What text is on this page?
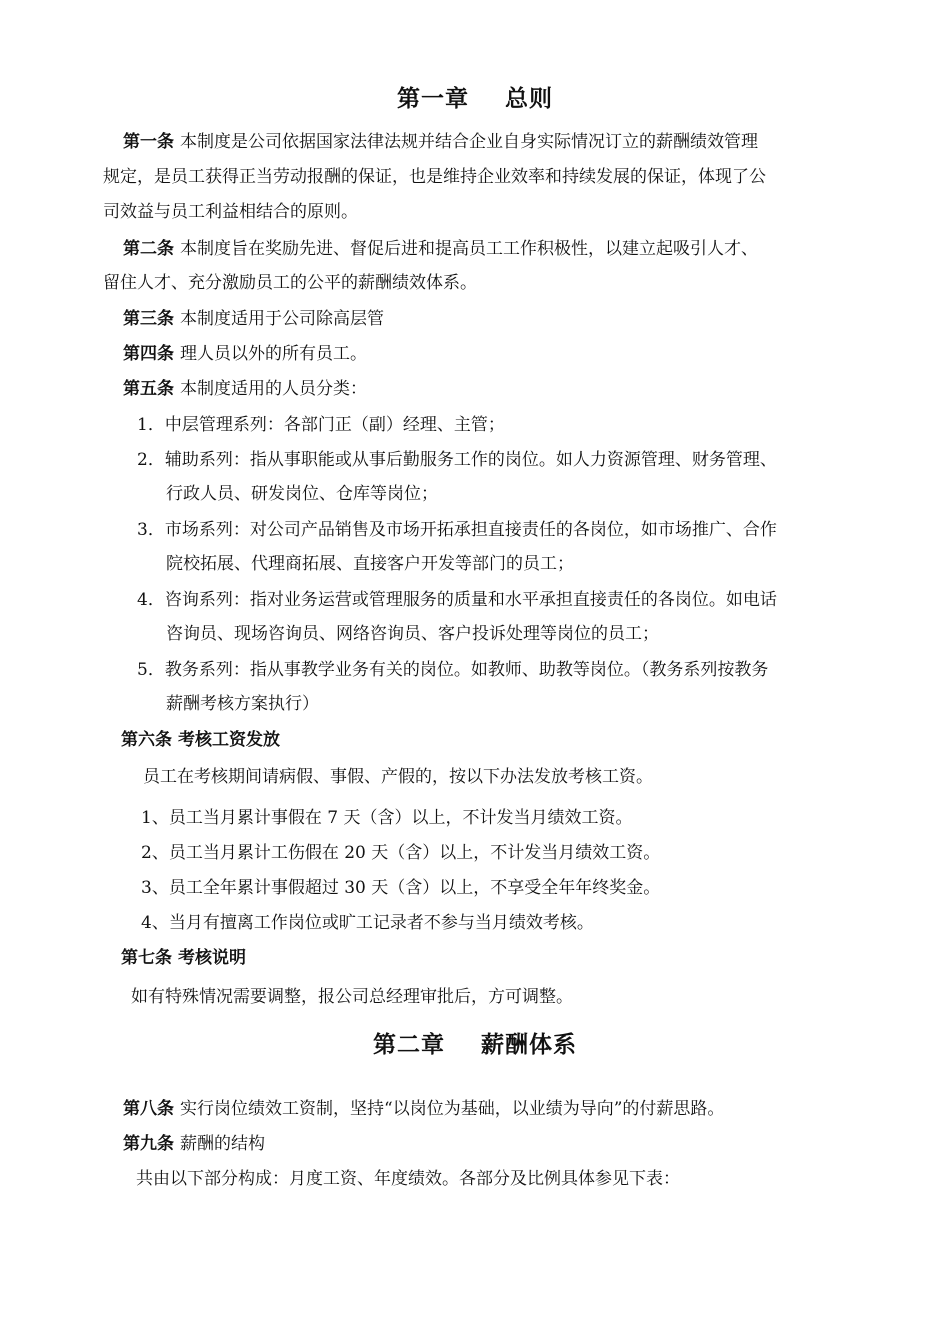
第一章    总则
第一条 本制度是公司依据国家法律法规并结合企业自身实际情况订立的薪酬绩效管理
规定，是员工获得正当劳动报酬的保证，也是维持企业效率和持续发展的保证，体现了公
司效益与员工利益相结合的原则。
第二条 本制度旨在奖励先进、督促后进和提高员工工作积极性，以建立起吸引人才、
留住人才、充分激励员工的公平的薪酬绩效体系。
第三条 本制度适用于公司除高层管
第四条 理人员以外的所有员工。
第五条 本制度适用的人员分类：
1．中层管理系列：各部门正（副）经理、主管；
2．辅助系列：指从事职能或从事后勤服务工作的岗位。如人力资源管理、财务管理、
行政人员、研发岗位、仓库等岗位；
3．市场系列：对公司产品销售及市场开拓承担直接责任的各岗位，如市场推广、合作
院校拓展、代理商拓展、直接客户开发等部门的员工；
4．咨询系列：指对业务运营或管理服务的质量和水平承担直接责任的各岗位。如电话
咨询员、现场咨询员、网络咨询员、客户投诉处理等岗位的员工；
5．教务系列：指从事教学业务有关的岗位。如教师、助教等岗位。（教务系列按教务
薪酬考核方案执行）
第六条 考核工资发放
员工在考核期间请病假、事假、产假的，按以下办法发放考核工资。
1、员工当月累计事假在 7 天（含）以上，不计发当月绩效工资。
2、员工当月累计工伤假在 20 天（含）以上，不计发当月绩效工资。
3、员工全年累计事假超过 30 天（含）以上，不享受全年年终奖金。
4、当月有擅离工作岗位或旷工记录者不参与当月绩效考核。
第七条 考核说明
如有特殊情况需要调整，报公司总经理审批后，方可调整。
第二章    薪酬体系
第八条 实行岗位绩效工资制，坚持“以岗位为基础，以业绩为导向”的付薪思路。
第九条 薪酬的结构
共由以下部分构成：月度工资、年度绩效。各部分及比例具体参见下表：
